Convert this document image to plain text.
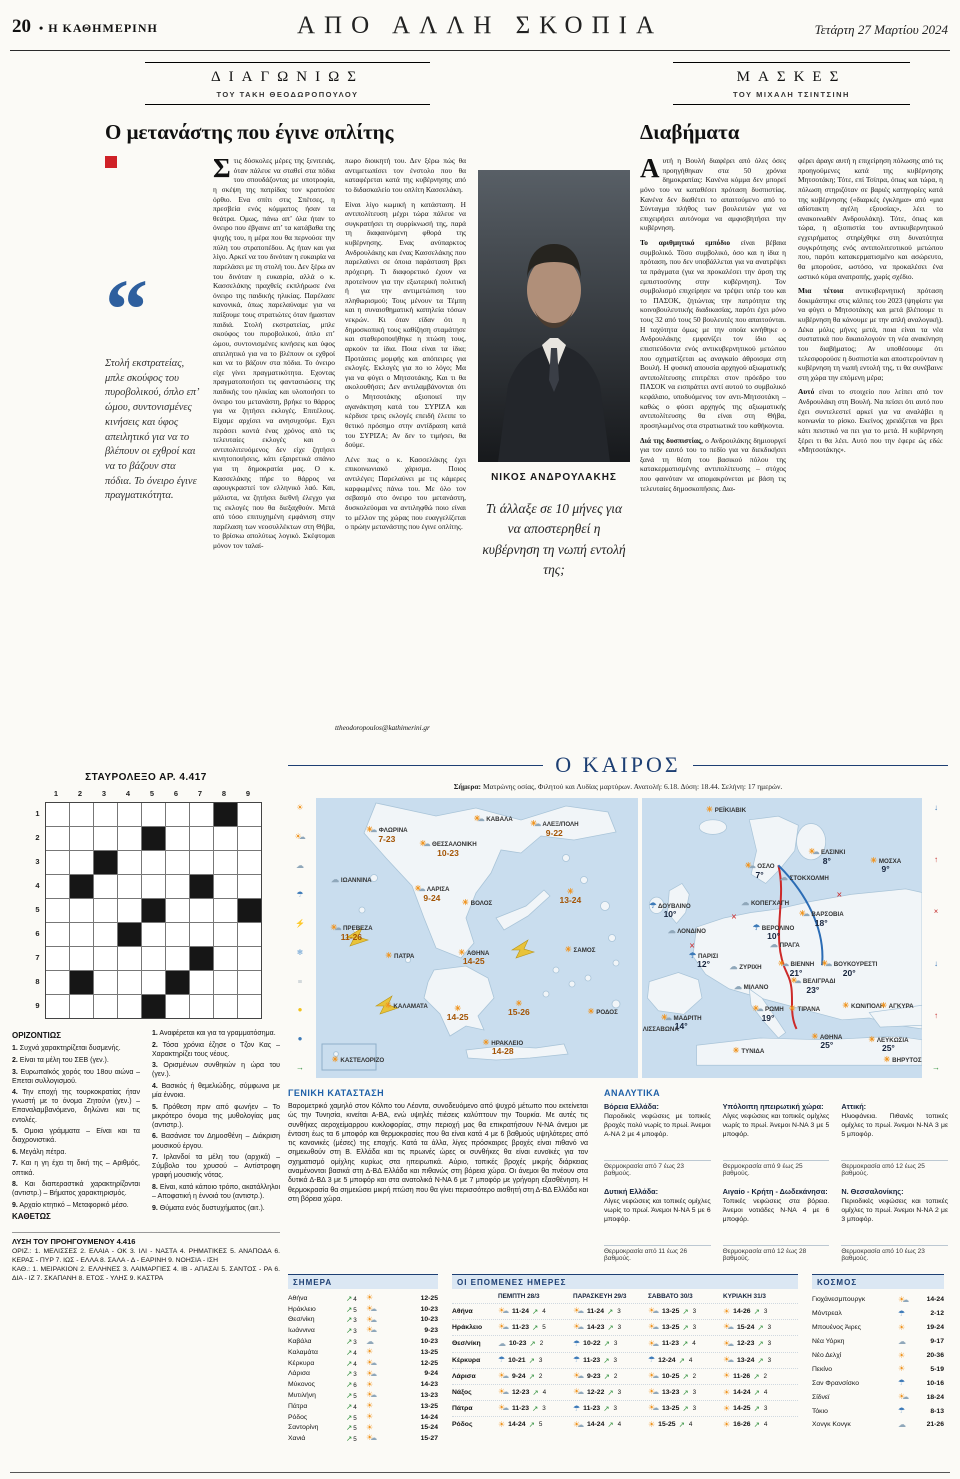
20 • Η ΚΑΘΗΜΕΡΙΝΗ	ΑΠΟ ΑΛΛΗ ΣΚΟΠΙΑ	Τετάρτη 27 Μαρτίου 2024
ΔΙΑΓΩΝΙΩΣ
ΤΟΥ ΤΑΚΗ ΘΕΟΔΩΡΟΠΟΥΛΟΥ
Ο μετανάστης που έγινε οπλίτης
“
Στολή εκστρατείας, μπλε σκούφος του πυροβολικού, όπλο επ’ ώμου, συντονισμένες κινήσεις και ύφος απειλητικό για να το βλέπουν οι εχθροί και να το βάζουν στα πόδια. Το όνειρο έγινε πραγματικότητα.

Στις δύσκολες μέρες της ξενιτειάς, όταν πάλευε να σταθεί στα πόδια του σπουδάζοντας με υποτροφία, η σκέψη της πατρίδας τον κρατούσε όρθιο. Ενα σπίτι στις Σπέτσες, η πρεσβεία ενός κόμματος ήσαν τα θεάτρα. Ομως, πάνω απ’ όλα ήταν το όνειρο που έβγαινε απ’ τα κατάβαθα της ψυχής του, η μέρα που θα περνούσε την πύλη του στρατοπέδου. Ας ήταν και για λίγο. Αρκεί να του δινόταν η ευκαιρία να παρελάσει με τη στολή του. Δεν ξέρω αν του δινόταν η ευκαιρία, αλλά ο κ. Κασσελάκης πραχθείς εκπλήρωσε ένα όνειρο της παιδικής ηλικίας. Παρέλασε κανονικά, όπως παρελαύναμε για να παίξουμε τους στρατιώτες όταν ήμασταν παιδιά. Στολή εκστρατείας, μπλε σκούφος του πυροβολικού, όπλο επ’ ώμου, συντονισμένες κινήσεις και ύφος απειλητικό για να το βλέπουν οι εχθροί και να το βάζουν στα πόδια. Το όνειρο είχε γίνει πραγματικότητα. Εχοντας πραγματοποιήσει τις φαντασιώσεις της παιδικής του ηλικίας και υλοποιήσει το όνειρο του μετανάστη, βρήκε το θάρρος για να ζητήσει εκλογές. Επιτέλους. Είχαμε αρχίσει να ανησυχούμε. Εχει περάσει κοντά ένας χρόνος από τις τελευταίες εκλογές και ο αντιπολιτευόμενος δεν είχε ζητήσει κινητοποιήσεις, κάτι εξαιρετικά σπάνιο για τη δημοκρατία μας. Ο κ. Κασσελάκης πήρε το θάρρος να αφουγκραστεί τον ελληνικό λαό. Και, μάλιστα, να ζητήσει διεθνή έλεγχο για τις εκλογές που θα διεξαχθούν. Μετά από τόσο επιτυχημένη εμφάνιση στην παρέλαση των νεοσυλλέκτων στη Θήβα, το βρίσκω απολύτως λογικό. Σκέφτομαι μόνον τον ταλαί-

πωρο διοικητή του. Δεν ξέρω πώς θα αντιμετωπίσει τον ένστολο που θα καταφέρεται κατά της κυβέρνησης από το διδασκαλείο του οπλίτη Κασσελάκη.

Είναι λίγο κωμική η κατάσταση. Η αντιπολίτευση μέχρι τώρα πάλευε να συγκρατήσει τη συρρίκνωσή της, παρά τη διαφαινόμενη φθορά της κυβέρνησης. Ενας ανύπαρκτος Ανδρουλάκης και ένας Κασσελάκης που παρελαύνει σε όποια παράσταση βρει πρόχειρη. Τι διαφορετικό έχουν να προτείνουν για την εξωτερική πολιτική ή για την αντιμετώπιση του πληθωρισμού; Τους μένουν τα Τέμπη και η συναισθηματική καπηλεία τόσων νεκρών. Κι όταν είδαν ότι η δημοσκοπική τους καθίζηση σταμάτησε και σταθεροποιήθηκε η πτώση τους, αρκούν τα ίδια. Ποια είναι τα ίδια; Προτάσεις μομφής και απόπειρες για εκλογές. Εκλογές για πο ιο λόγο; Μα για να φύγει ο Μητσοτάκης. Και τι θα ακολουθήσει; Δεν αντιλαμβάνονται ότι ο Μητσοτάκης αξιοποιεί την αγανάκτηση κατά του ΣΥΡΙΖΑ και κέρδισε τρεις εκλογές επειδή έλειπε το θετικό πρόσημο στην αντίδραση κατά του ΣΥΡΙΖΑ; Αν δεν το τιμήσει, θα δούμε.

Λένε πως ο κ. Κασσελάκης έχει επικοινωνιακό χάρισμα. Ποιος αντιλέγει; Παρελαύνει με τις κάμερες καρφωμένες πάνω του. Με όλο τον σεβασμό στο όνειρο του μετανάστη, δυσκολεύομαι να αντιληφθώ ποιο είναι το μέλλον της χώρας που ευαγγελίζεται ο πρώην μετανάστης που έγινε οπλίτης.

ttheodoropoulos@kathimerini.gr
ΝΙΚΟΣ ΑΝΔΡΟΥΛΑΚΗΣ
Τι άλλαξε σε 10 μήνες για να αποστερηθεί η κυβέρνηση τη νωπή εντολή της;
ΜΑΣΚΕΣ
ΤΟΥ ΜΙΧΑΛΗ ΤΣΙΝΤΣΙΝΗ
Διαβήματα

Αυτή η Βουλή διαφέρει από όλες όσες προηγήθηκαν στα 50 χρόνια δημοκρατίας: Κανένα κόμμα δεν μπορεί μόνο του να καταθέσει πρόταση δυσπιστίας. Κανένα δεν διαθέτει το απαιτούμενο από το Σύνταγμα πλήθος των βουλευτών για να επιχειρήσει αυτόνομα να αμφισβητήσει την κυβέρνηση.

Το αριθμητικό εμπόδιο είναι βέβαια συμβολικό. Τόσο συμβολικό, όσο και η ίδια η πρόταση, που δεν υποβάλλεται για να ανατρέψει τα πράγματα (για να προκαλέσει την άρση της εμπιστοσύνης στην κυβέρνηση). Τον συμβολισμό επιχείρησε να τρέψει υπέρ του και το ΠΑΣΟΚ, ζητώντας την πατρότητα της κοινοβουλευτικής διαδικασίας, παρότι έχει μόνο τους 32 από τους 50 βουλευτές που απαιτούνται. Η ταχύτητα όμως με την οποία κινήθηκε ο Ανδρουλάκης εμφανίζει τον ίδιο ως επισπεύδοντα ενός αντικυβερνητικού μετώπου που σχηματίζεται ως αναγκαίο άθροισμα στη Βουλή. Η φυσική απουσία αρχηγού αξιωματικής αντιπολίτευσης επιτρέπει στον πρόεδρο του ΠΑΣΟΚ να εισπράττει αντί αυτού το συμβολικό κεφάλαιο, υποδυόμενος τον αντι-Μητσοτάκη – καθώς ο φύσει αρχηγός της αξιωματικής αντιπολίτευσης θα είναι στη Θήβα, προσηλωμένος στα στρατιωτικά του καθήκοντα.

Διά της δυσπιστίας, ο Ανδρουλάκης δημιουργεί για τον εαυτό του το πεδίο για να διεκδικήσει ξανά τη θέση του βασικού πόλου της κατακερματισμένης αντιπολίτευσης – στόχος που φαινόταν να απομακρύνεται με βάση τις τελευταίες δημοσκοπήσεις. Δια-

φέρει άραγε αυτή η επιχείρηση πόλωσης από τις προηγούμενες κατά της κυβέρνησης Μητσοτάκη; Τότε, επί Τσίπρα, όπως και τώρα, η πόλωση στηριζόταν σε βαριές κατηγορίες κατά της κυβέρνησης («διαρκές έγκλημα» από «μια αδίστακτη αγέλη εξουσίας», λέει το ανακοινωθέν Ανδρουλάκη). Τότε, όπως και τώρα, η αξιοπιστία του αντικυβερνητικού εγχειρήματος στηρίχθηκε στη δυνατότητα συγκρότησης ενός αντιπολιτευτικού μετώπου που, παρότι κατακερματισμένο και ασώρευτο, θα μπορούσε, ωστόσο, να προκαλέσει ένα ωστικό κύμα ανατροπής, χωρίς σχέδιο.

Μια τέτοια αντικυβερνητική πρόταση δοκιμάστηκε στις κάλπες του 2023 (ψηφίστε για να φύγει ο Μητσοτάκης και μετά βλέπουμε τι κυβέρνηση θα κάνουμε με την απλή αναλογική). Δέκα μόλις μήνες μετά, ποια είναι τα νέα συστατικά που δικαιολογούν τη νέα ανακίνηση του διαβήματος; Αν υποθέσουμε ότι τελεσφορούσε η δυσπιστία και αποστερούνταν η κυβέρνηση τη νωπή εντολή της, τι θα συνέβαινε στη χώρα την επόμενη μέρα;

Αυτό είναι το στοιχείο που λείπει από τον Ανδρουλάκη στη Βουλή. Να πείσει ότι αυτό που έχει συντελεστεί αρκεί για να αναλάβει η κοινωνία το ρίσκο. Εκείνος χρειάζεται να βρει κάτι πειστικό να πει για το μετά. Η κυβέρνηση ξέρει τι θα λέει. Αυτό που την έφερε ώς εδώ: «Μητσοτάκης».

ΣΤΑΥΡΟΛΕΞΟ ΑΡ. 4.417
1	2	3	4	5	6	7	8	9
1
2
3
4
5
6
7
8
9
ΟΡΙΖΟΝΤΙΩΣ
1. Συχνά χαρακτηρίζεται δυσμενής.
2. Είναι τα μέλη του ΣΕΒ (γεν.).
3. Ευρωπαϊκός χορός του 18ου αιώνα – Επεται συλλογισμού.
4. Την εποχή της τουρκοκρατίας ήταν γνωστή με το όνομα Ζητούνι (γεν.) – Επαναλαμβανόμενο, δηλώνει και τις εντολές.
5. Ομοια γράμματα – Είναι και τα διαχρονιστικά.
6. Μεγάλη πέτρα.
7. Και η γη έχει τη δική της – Αριθμός, οπτικά.
8. Και διαπεραστικά χαρακτηρίζονται (αντιστρ.) – Βήματος χαρακτηρισμός.
9. Αρχαίο κτητικό – Μεταφορικό μέσο.
ΚΑΘΕΤΩΣ
1. Αναφέρεται και για τα γραμματόσημα.
2. Τόσα χρόνια έζησε ο Τζον Κας – Χαρακτηρίζει τους νέους.
3. Ορισμένων συνθηκών η ώρα του (γεν.).
4. Βασικός ή θεμελιώδης, σύμφωνα με μία έννοια.
5. Πρόθεση πριν από φωνήεν – Το μικρότερο όνομα της μυθολογίας μας (αντιστρ.).
6. Βασάνισε τον Δημοσθένη – Διάκριση μουσικού έργου.
7. Ιρλανδοί τα μέλη του (αρχικά) – Σύμβολο του χρυσού – Αντίστροφη γραφή μουσικής νότας.
8. Είναι, κατά κάποιο τρόπο, ακατάλληλοι – Αποφατική η έννοιά του (αντιστρ.).
9. Θύματα ενός δυστυχήματος (αιτ.).
ΛΥΣΗ ΤΟΥ ΠΡΟΗΓΟΥΜΕΝΟΥ 4.416
ΟΡΙΖ.: 1. ΜΕΛΙΣΣΕΣ 2. ΕΛΑΙΑ - ΟΚ 3. ΙΛΙ - ΝΑΣΤΑ 4. ΡΗΜΑΤΙΚΕΣ 5. ΑΝΑΠΟΔΑ 6. ΚΕΡΑΣ - ΠΥΡ 7. ΙΩΣ - ΕΛΛΑ 8. ΣΑΛΑ - Δ - ΕΑΡΙΝΗ 9. ΝΟΗΣΙΑ - ΙΣΗ
ΚΑΘ.: 1. ΜΕΙΡΑΚΙΟΝ 2. ΕΛΛΗΝΕΣ 3. ΛΑΙΜΑΡΓΙΕΣ 4. ΙΒ - ΑΠΑΣΑΙ 5. ΣΑΝΤΟΣ - ΡΑ 6. ΔΙΑ - ΙΖ 7. ΣΚΑΠΑΝΗ 8. ΕΤΟΣ - ΥΛΗΣ 9. ΚΑΣΤΡΑ
Ο ΚΑΙΡΟΣ
Σήμερα: Ματρώνης οσίας, Φιλητού και Λυδίας μαρτύρων. Ανατολή: 6.18. Δύση: 18.44. Σελήνη: 17 ημερών.
☀
☀ ☁
☁
☂
⚡
❄
≡
●
●
→
☀ ☁ ΦΛΩΡΙΝΑ
7-23
☀ ☁ ΚΑΒΑΛΑ
☀ ☁ ΘΕΣΣΑΛΟΝΙΚΗ
10-23
☀ ☁ ΑΛΕΞ/ΠΟΛΗ
9-22
☁ ΙΩΑΝΝΙΝΑ
☀ ☁ ΛΑΡΙΣΑ
9-24
☀ ΒΟΛΟΣ
☀	13-24
☀ ☁ ΠΡΕΒΕΖΑ
11-26
☀ ΠΑΤΡΑ ☀	ΑΘΗΝΑ
14-25
☀ ΣΑΜΟΣ
☀ ΚΑΛΑΜΑΤΑ
☀
14-25
☀
15-26 ☀	ΡΟΔΟΣ
☀ ΗΡΑΚΛΕΙΟ
14-28
☀ ΚΑΣΤΕΛΟΡΙΖΟ
×
×
×
☀ ΡΕΪΚΙΑΒΙΚ
☀ ☁ ΕΛΣΙΝΚΙ
8°
☀ ☁ ΟΣΛΟ
7° ☁	ΣΤΟΚΧΟΛΜΗ
☀ ΜΟΣΧΑ
9°
☁ ΚΟΠΕΓΧΑΓΗ
☂ ΔΟΥΒΛΙΝΟ
10°
☁ ΛΟΝΔΙΝΟ
☀ ☁ ΒΑΡΣΟΒΙΑ
18°
☂ ΒΕΡΟΛΙΝΟ
10°
☂ ΠΑΡΙΣΙ
12°
☁ ΠΡΑΓΑ
☀ ☁ ΒΙΕΝΝΗ
21°
☁ ΖΥΡΙΧΗ ☀ ☁	ΒΟΥΚΟΥΡΕΣΤΙ
20°
☁ ΜΙΛΑΝΟ
☀ ☁ ΒΕΛΙΓΡΑΔΙ
23°
☀ ☁ ΜΑΔΡΙΤΗ
14°
☀ ☁ ΡΩΜΗ
19°
☀ ΤΙΡΑΝΑ
ΛΙΣΣΑΒΩΝΑ
☀ ΚΩΝ/ΠΟΛΗ ☀ ΑΓΚΥΡΑ
☀ ΑΘΗΝΑ
25° ☀	ΛΕΥΚΩΣΙΑ
25°
☀ ΒΗΡΥΤΟΣ
☀ ΤΥΝΙΔΑ
↓
↑
×
↓
↑
→
ΓΕΝΙΚΗ ΚΑΤΑΣΤΑΣΗ

Βαρομετρικό χαμηλό στον Κόλπο του Λέοντα, συνοδευόμενο από ψυχρό μέτωπο που εκτείνεται ώς την Τυνησία, κινείται Α-ΒΑ, ενώ υψηλές πιέσεις καλύπτουν την Τουρκία. Με αυτές τις συνθήκες αεροχείμαρρου κυκλοφορίας, στην περιοχή μας θα επικρατήσουν Ν-ΝΑ άνεμοι με ένταση έως τα 6 μποφόρ και θερμοκρασίες που θα είναι κατά 4 με 6 βαθμούς υψηλότερες από τις κανονικές (μέσες) της εποχής. Κατά τα άλλα, λίγες πρόσκαιρες βροχές είναι πιθανό να σημειωθούν στη Β. Ελλάδα και τις πρωινές ώρες οι συνθήκες θα είναι ευνοϊκές για τον σχηματισμό ομίχλης κυρίως στα ηπειρωτικά. Αύριο, τοπικές βροχές μικρής διάρκειας αναμένονται βασικά στη Δ-ΒΔ Ελλάδα και πιθανώς στη βόρεια χώρα. Οι άνεμοι θα πνέουν στα δυτικά Δ-ΒΔ 3 με 5 μποφόρ και στα ανατολικά Ν-ΝΑ 6 με 7 μποφόρ με γρήγορη εξασθένηση. Η θερμοκρασία θα σημειώσει μικρή πτώση που θα γίνει περισσότερο αισθητή στη Δ-ΒΔ Ελλάδα και στη βόρεια χώρα.

ΑΝΑΛΥΤΙΚΑ
Βόρεια Ελλάδα:
Παροδικές νεφώσεις με τοπικές βροχές πολύ νωρίς το πρωί. Άνεμοι Α-ΝΑ 2 με 4 μποφόρ.
Θερμοκρασία από 7 έως 23 βαθμούς.
Υπόλοιπη ηπειρωτική χώρα:
Λίγες νεφώσεις και τοπικές ομίχλες νωρίς το πρωί. Άνεμοι Ν-ΝΑ 3 με 5 μποφόρ.
Θερμοκρασία από 9 έως 25 βαθμούς.
Αττική:
Ηλιοφάνεια. Πιθανές τοπικές ομίχλες το πρωί. Άνεμοι Ν-ΝΑ 3 με 5 μποφόρ.
Θερμοκρασία από 12 έως 25 βαθμούς.
Δυτική Ελλάδα:
Λίγες νεφώσεις και τοπικές ομίχλες νωρίς το πρωί. Άνεμοι Ν-ΝΑ 5 με 6 μποφόρ.
Θερμοκρασία από 11 έως 26 βαθμούς.
Αιγαίο - Κρήτη - Δωδεκάνησα:
Τοπικές νεφώσεις στα βόρεια. Άνεμοι νοτιάδες Ν-ΝΑ 4 με 6 μποφόρ.
Θερμοκρασία από 12 έως 28 βαθμούς.
Ν. Θεσσαλονίκης:
Περιοδικές νεφώσεις και τοπικές ομίχλες το πρωί. Άνεμοι Ν-ΝΑ 2 με 3 μποφόρ.
Θερμοκρασία από 10 έως 23 βαθμούς.
ΣΗΜΕΡΑ
Αθήνα ↗	4 ☀	12-25
Ηράκλειο ↗	5 ☀ ☁	10-23
Θεσ/νίκη ↗	3 ☀ ☁	10-23
Ιωάννινα ↗	3 ☀ ☁	9-23
Καβάλα ↗	3 ☁	10-23
Καλαμάτα ↗	4 ☀	13-25
Κέρκυρα ↗	4 ☀ ☁	12-25
Λάρισα ↗	3 ☀ ☁	9-24
Μύκονος ↗	6 ☀	14-23
Μυτιλήνη ↗	5 ☀ ☁	13-23
Πάτρα ↗	4 ☀	13-25
Ρόδος ↗	5 ☀	14-24
Σαντορίνη ↗	5 ☀	15-24
Χανιά ↗	5 ☀ ☁	15-27
ΟΙ ΕΠΟΜΕΝΕΣ ΗΜΕΡΕΣ
ΠΕΜΠΤΗ 28/3	ΠΑΡΑΣΚΕΥΗ 29/3	ΣΑΒΒΑΤΟ 30/3	ΚΥΡΙΑΚΗ 31/3
Αθήνα ☀ ☁	11-24 ↗ 4 ☀ ☁	11-24 ↗ 3 ☀ ☁	13-25 ↗ 3 ☀	14-26 ↗ 3
Ηράκλειο ☀ ☁	11-23 ↗ 5 ☀ ☁	14-23 ↗ 3 ☀ ☁	13-25 ↗ 3 ☀ ☁	15-24 ↗ 3
Θεσ/νίκη ☁	10-23 ↗ 2 ☂	10-22 ↗ 3 ☀ ☁	11-23 ↗ 4 ☀ ☁	12-23 ↗ 3
Κέρκυρα ☂	10-21 ↗ 3 ☂	11-23 ↗ 3 ☂	12-24 ↗ 4 ☀ ☁	13-24 ↗ 3
Λάρισα ☀ ☁	9-24 ↗ 2 ☀ ☁	9-23 ↗ 2 ☀ ☁	10-25 ↗ 2 ☀	11-26 ↗ 2
Νάξος ☀ ☁	12-23 ↗ 4 ☀ ☁	12-22 ↗ 3 ☀ ☁	13-23 ↗ 3 ☀	14-24 ↗ 4
Πάτρα ☀ ☁	11-23 ↗ 3 ☂	11-23 ↗ 3 ☀ ☁	13-25 ↗ 3 ☀	14-25 ↗ 3
Ρόδος ☀	14-24 ↗ 5 ☀ ☁	14-24 ↗ 4 ☀	15-25 ↗ 4 ☀	16-26 ↗ 4
ΚΟΣΜΟΣ
Γιοχάνεσμπουργκ ☀ ☁	14-24
Μόντρεαλ ☂	2-12
Μπουένος Άιρες ☀	19-24
Νέα Υόρκη ☁	9-17
Νέο Δελχί ☀	20-36
Πεκίνο ☀	5-19
Σαν Φρανσίσκο ☂	10-16
Σίδνεϊ ☀ ☁	18-24
Τόκιο ☂	8-13
Χονγκ Κονγκ ☁	21-26
